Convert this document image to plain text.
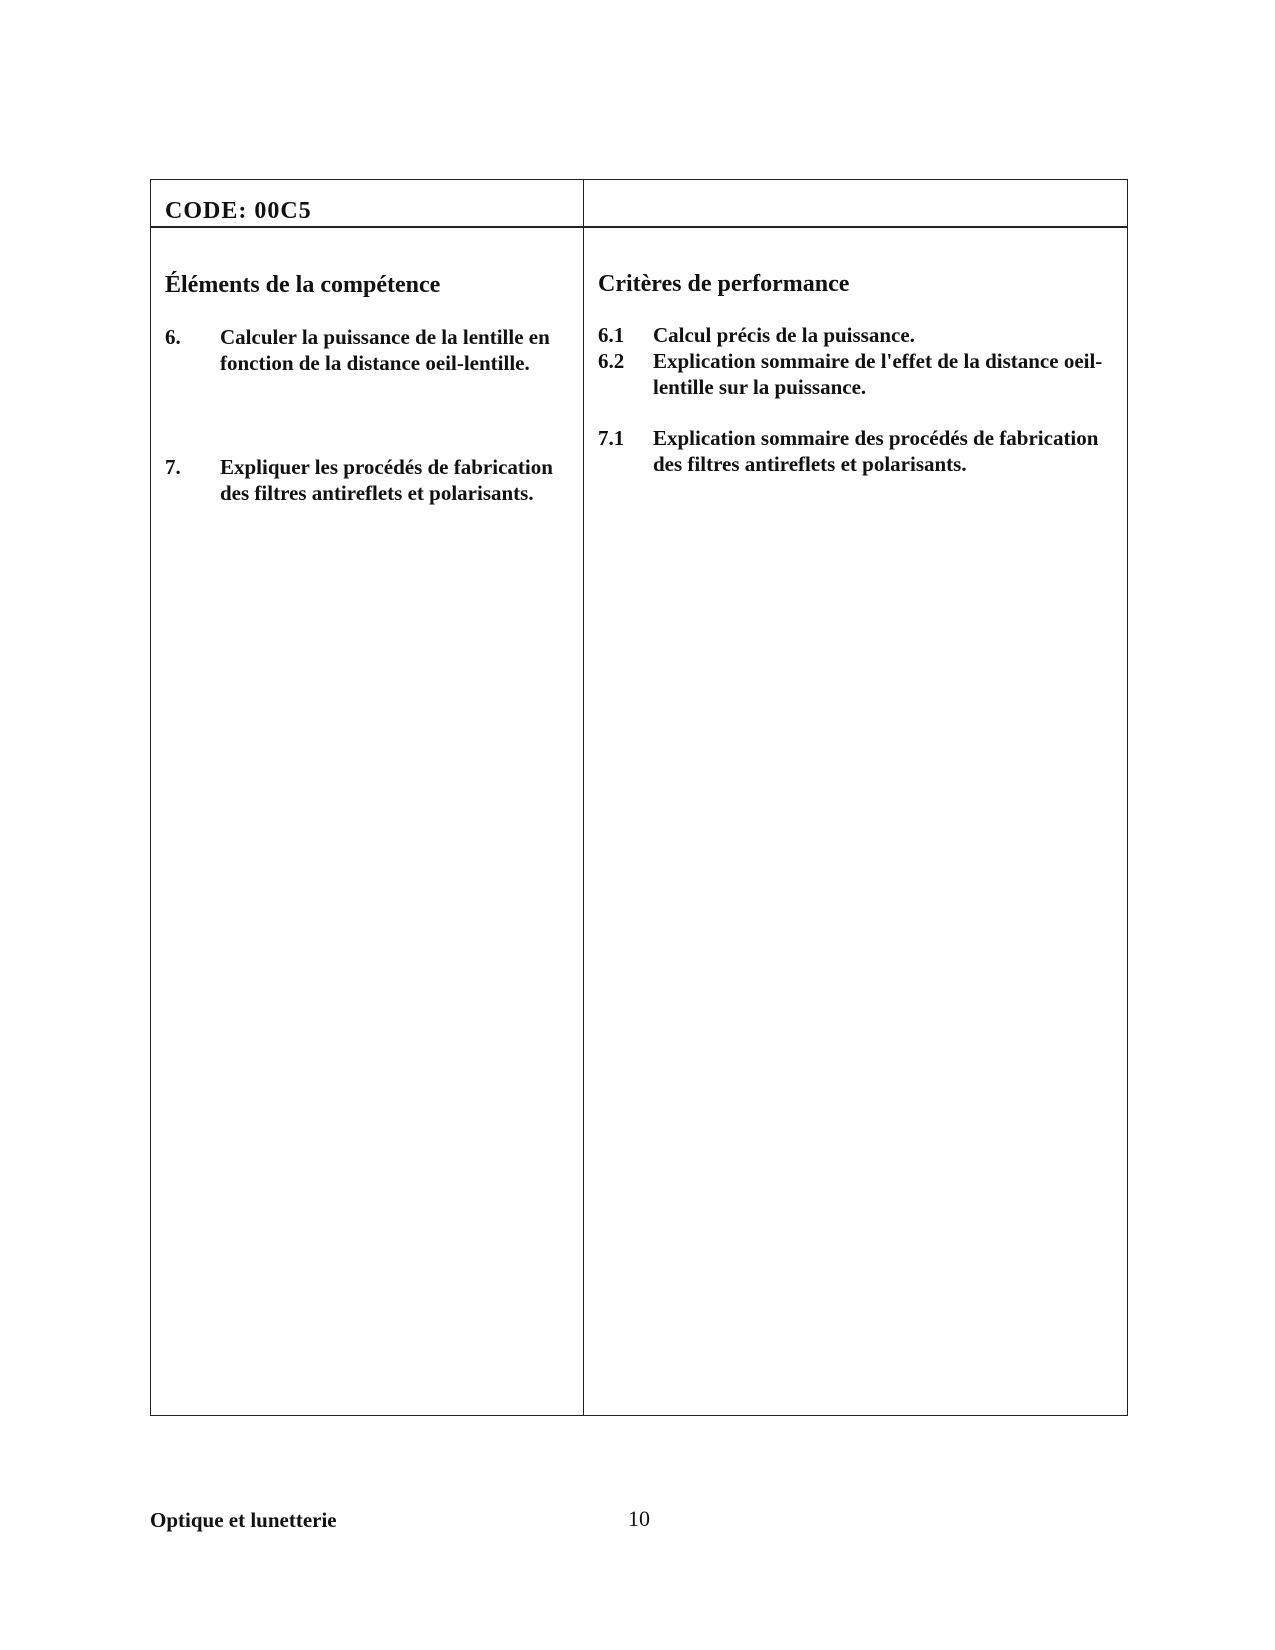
CODE: 00C5
Éléments de la compétence
6. Calculer la puissance de la lentille en fonction de la distance oeil-lentille.
7. Expliquer les procédés de fabrication des filtres antireflets et polarisants.
Critères de performance
6.1 Calcul précis de la puissance.
6.2 Explication sommaire de l'effet de la distance oeil-lentille sur la puissance.
7.1 Explication sommaire des procédés de fabrication des filtres antireflets et polarisants.
Optique et lunetterie	10
